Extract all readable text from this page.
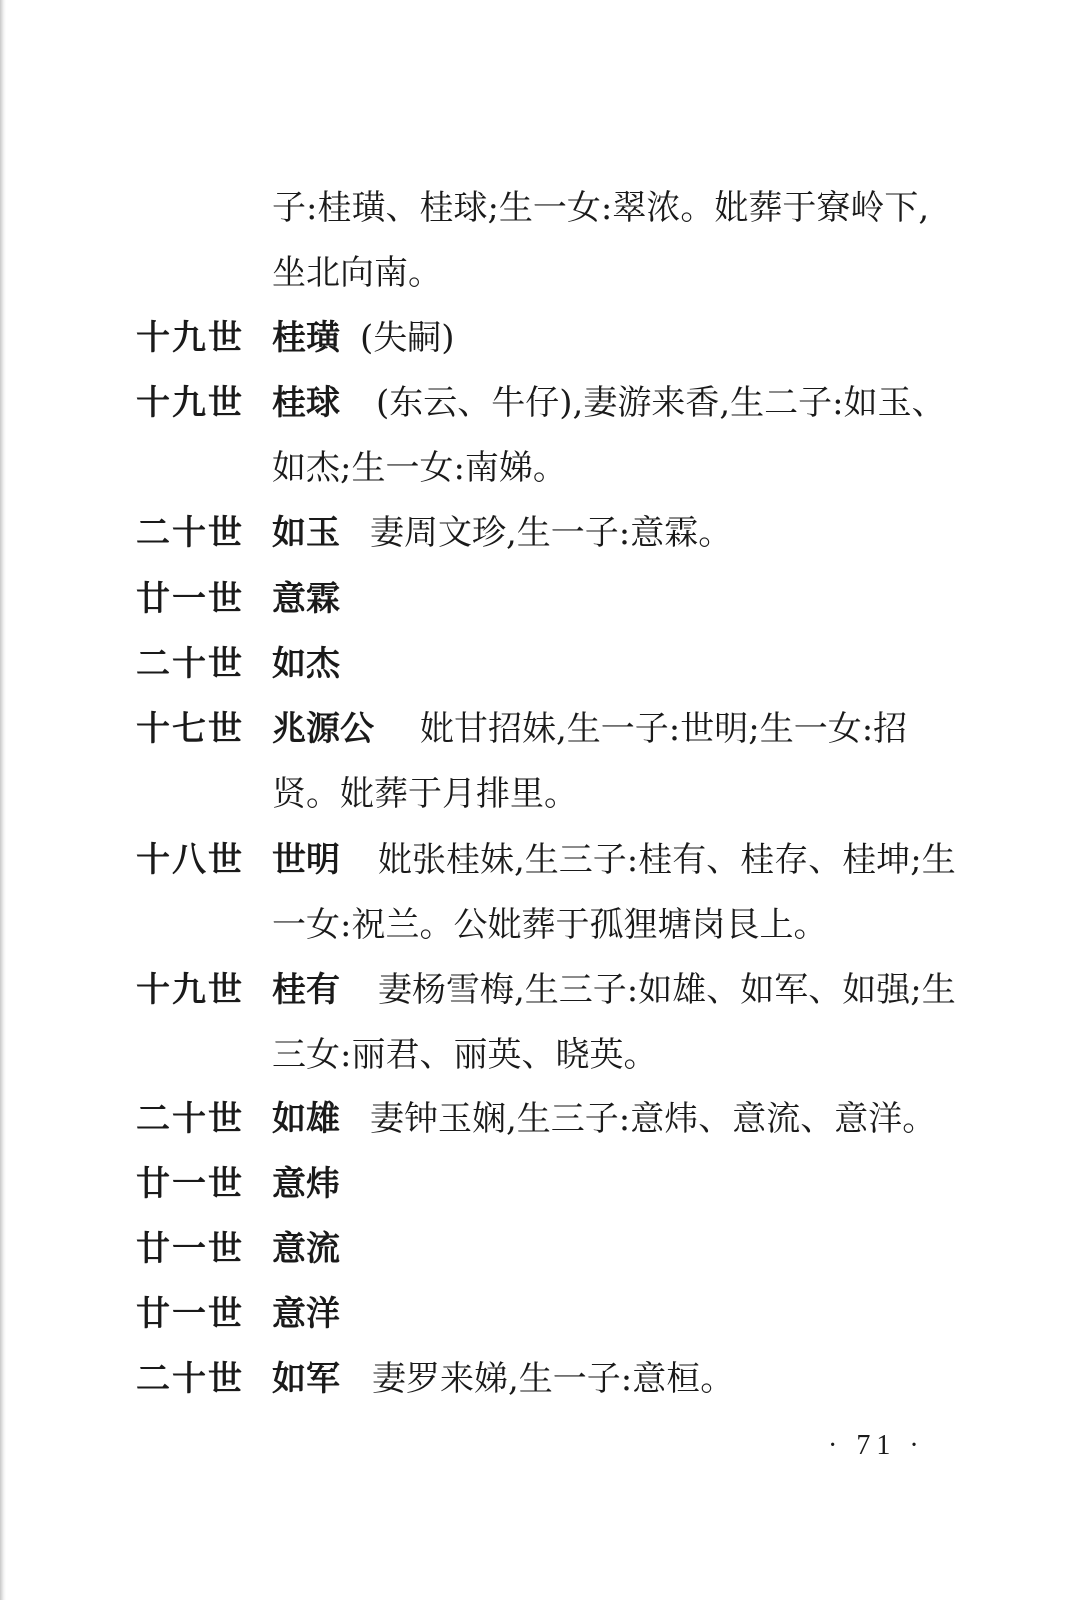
子:桂璜、桂球;生一女:翠浓。妣葬于寮岭下,
坐北向南。
十九世 桂璜 (失嗣)
十九世 桂球 (东云、牛仔),妻游来香,生二子:如玉、
如杰;生一女:南娣。
二十世 如玉 妻周文珍,生一子:意霖。
廿一世 意霖
二十世 如杰
十七世 兆源公 妣甘招妹,生一子:世明;生一女:招
贤。妣葬于月排里。
十八世 世明 妣张桂妹,生三子:桂有、桂存、桂坤;生
一女:祝兰。公妣葬于孤狸塘岗艮上。
十九世 桂有 妻杨雪梅,生三子:如雄、如军、如强;生
三女:丽君、丽英、晓英。
二十世 如雄 妻钟玉娴,生三子:意炜、意流、意洋。
廿一世 意炜
廿一世 意流
廿一世 意洋
二十世 如军 妻罗来娣,生一子:意桓。
· 71 ·
